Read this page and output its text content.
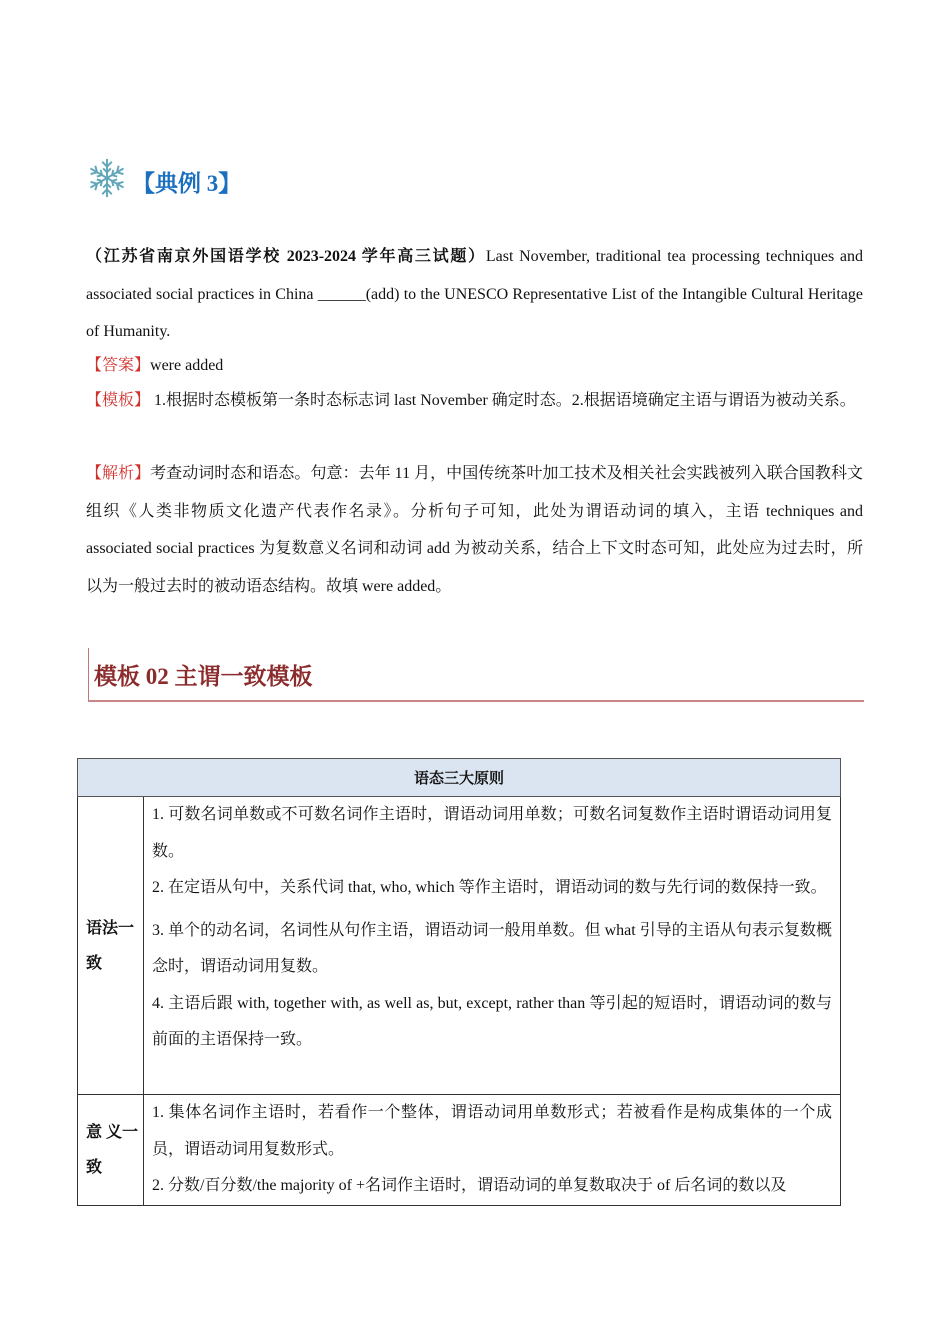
【典例 3】
（江苏省南京外国语学校 2023-2024 学年高三试题）Last November, traditional tea processing techniques and associated social practices in China ______(add) to the UNESCO Representative List of the Intangible Cultural Heritage of Humanity.
【答案】were added
【模板】 1.根据时态模板第一条时态标志词 last November 确定时态。2.根据语境确定主语与谓语为被动关系。
【解析】考查动词时态和语态。句意：去年 11 月，中国传统茶叶加工技术及相关社会实践被列入联合国教科文组织《人类非物质文化遗产代表作名录》。分析句子可知，此处为谓语动词的填入，主语 techniques and associated social practices 为复数意义名词和动词 add 为被动关系，结合上下文时态可知，此处应为过去时，所以为一般过去时的被动语态结构。故填 were added。
模板 02 主谓一致模板
语态三大原则	
语法一致	1. 可数名词单数或不可数名词作主语时，谓语动词用单数；可数名词复数作主语时谓语动词用复数。
2. 在定语从句中，关系代词 that, who, which 等作主语时，谓语动词的数与先行词的数保持一致。
3. 单个的动名词，名词性从句作主语，谓语动词一般用单数。但 what 引导的主语从句表示复数概念时，谓语动词用复数。
4. 主语后跟 with, together with, as well as, but, except, rather than 等引起的短语时，谓语动词的数与前面的主语保持一致。

意 义一致	1. 集体名词作主语时，若看作一个整体，谓语动词用单数形式；若被看作是构成集体的一个成员，谓语动词用复数形式。
2. 分数/百分数/the majority of +名词作主语时，谓语动词的单复数取决于 of 后名词的数以及
